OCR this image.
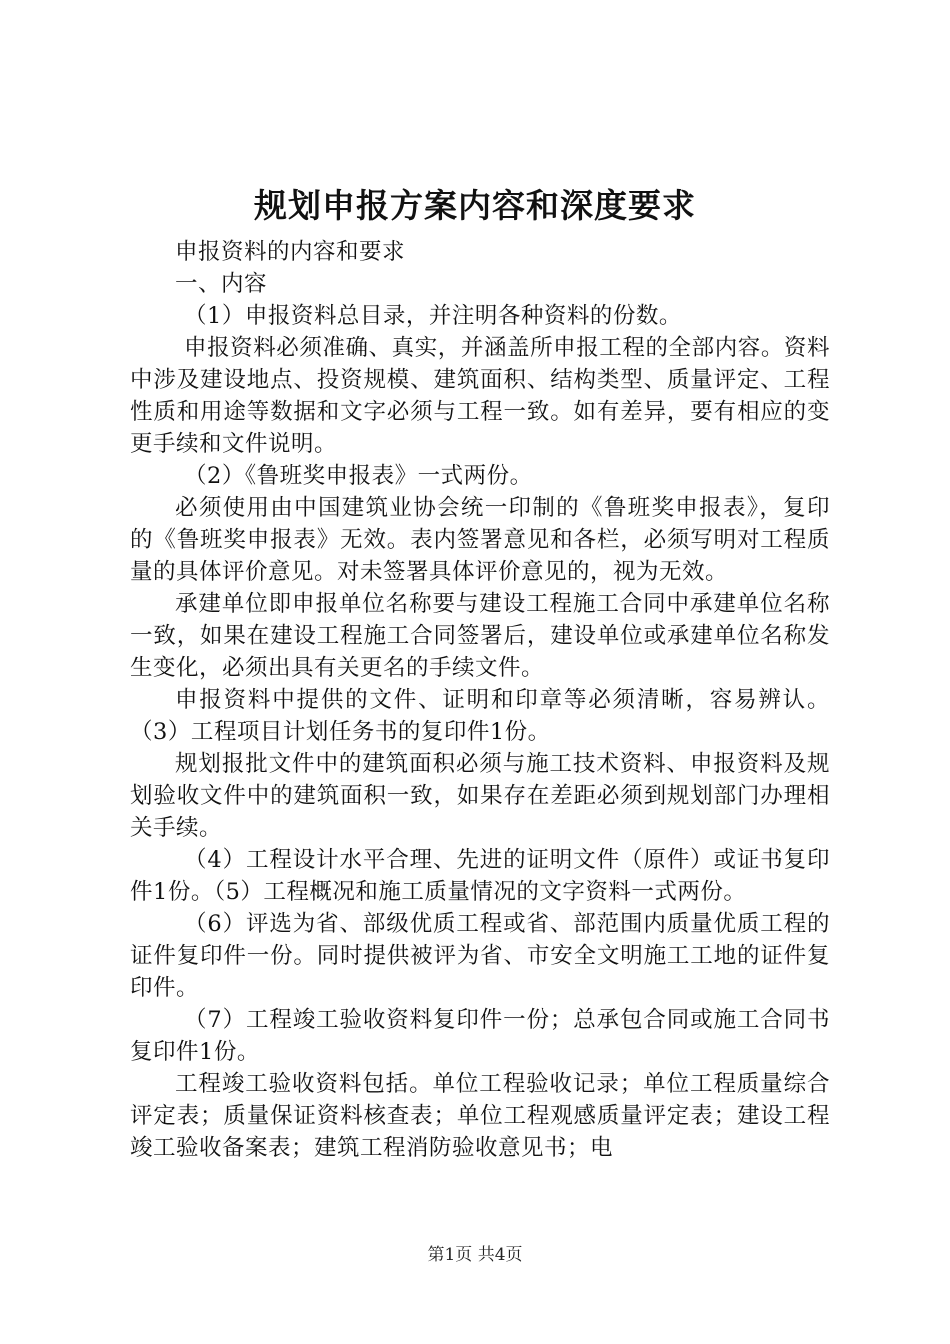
规划申报方案内容和深度要求

申报资料的内容和要求

一、内容

（1）申报资料总目录，并注明各种资料的份数。

申报资料必须准确、真实，并涵盖所申报工程的全部内容。资料中涉及建设地点、投资规模、建筑面积、结构类型、质量评定、工程性质和用途等数据和文字必须与工程一致。如有差异，要有相应的变更手续和文件说明。

（2）《鲁班奖申报表》一式两份。

必须使用由中国建筑业协会统一印制的《鲁班奖申报表》，复印的《鲁班奖申报表》无效。表内签署意见和各栏，必须写明对工程质量的具体评价意见。对未签署具体评价意见的，视为无效。

承建单位即申报单位名称要与建设工程施工合同中承建单位名称一致，如果在建设工程施工合同签署后，建设单位或承建单位名称发生变化，必须出具有关更名的手续文件。

申报资料中提供的文件、证明和印章等必须清晰，容易辨认。（3）工程项目计划任务书的复印件1份。

规划报批文件中的建筑面积必须与施工技术资料、申报资料及规划验收文件中的建筑面积一致，如果存在差距必须到规划部门办理相关手续。

（4）工程设计水平合理、先进的证明文件（原件）或证书复印件1份。（5）工程概况和施工质量情况的文字资料一式两份。

（6）评选为省、部级优质工程或省、部范围内质量优质工程的证件复印件一份。同时提供被评为省、市安全文明施工工地的证件复印件。

（7）工程竣工验收资料复印件一份；总承包合同或施工合同书复印件1份。

工程竣工验收资料包括。单位工程验收记录；单位工程质量综合评定表；质量保证资料核查表；单位工程观感质量评定表；建设工程竣工验收备案表；建筑工程消防验收意见书；电

第1页 共4页
